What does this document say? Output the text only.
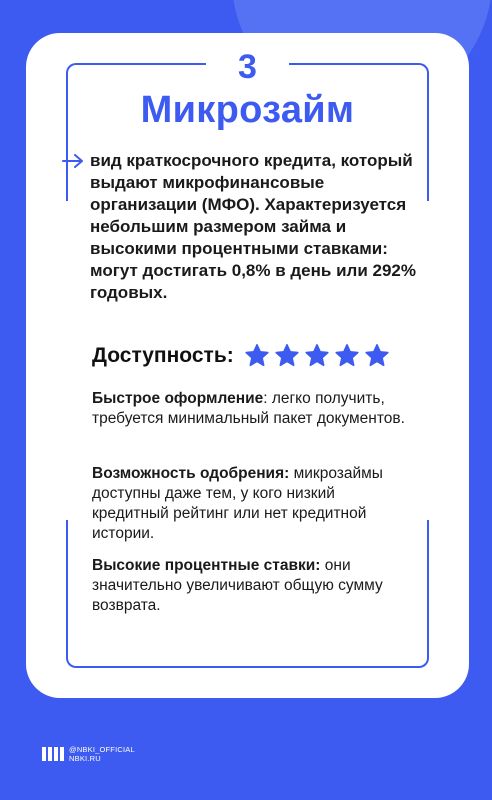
3
Микрозайм
вид краткосрочного кредита, который выдают микрофинансовые организации (МФО). Характеризуется небольшим размером займа и высокими процентными ставками: могут достигать 0,8% в день или 292% годовых.
Доступность:
Быстрое оформление: легко получить, требуется минимальный пакет документов.
Возможность одобрения: микрозаймы доступны даже тем, у кого низкий кредитный рейтинг или нет кредитной истории.
Высокие процентные ставки: они значительно увеличивают общую сумму возврата.
@NBKI_OFFICIAL
NBKI.RU
